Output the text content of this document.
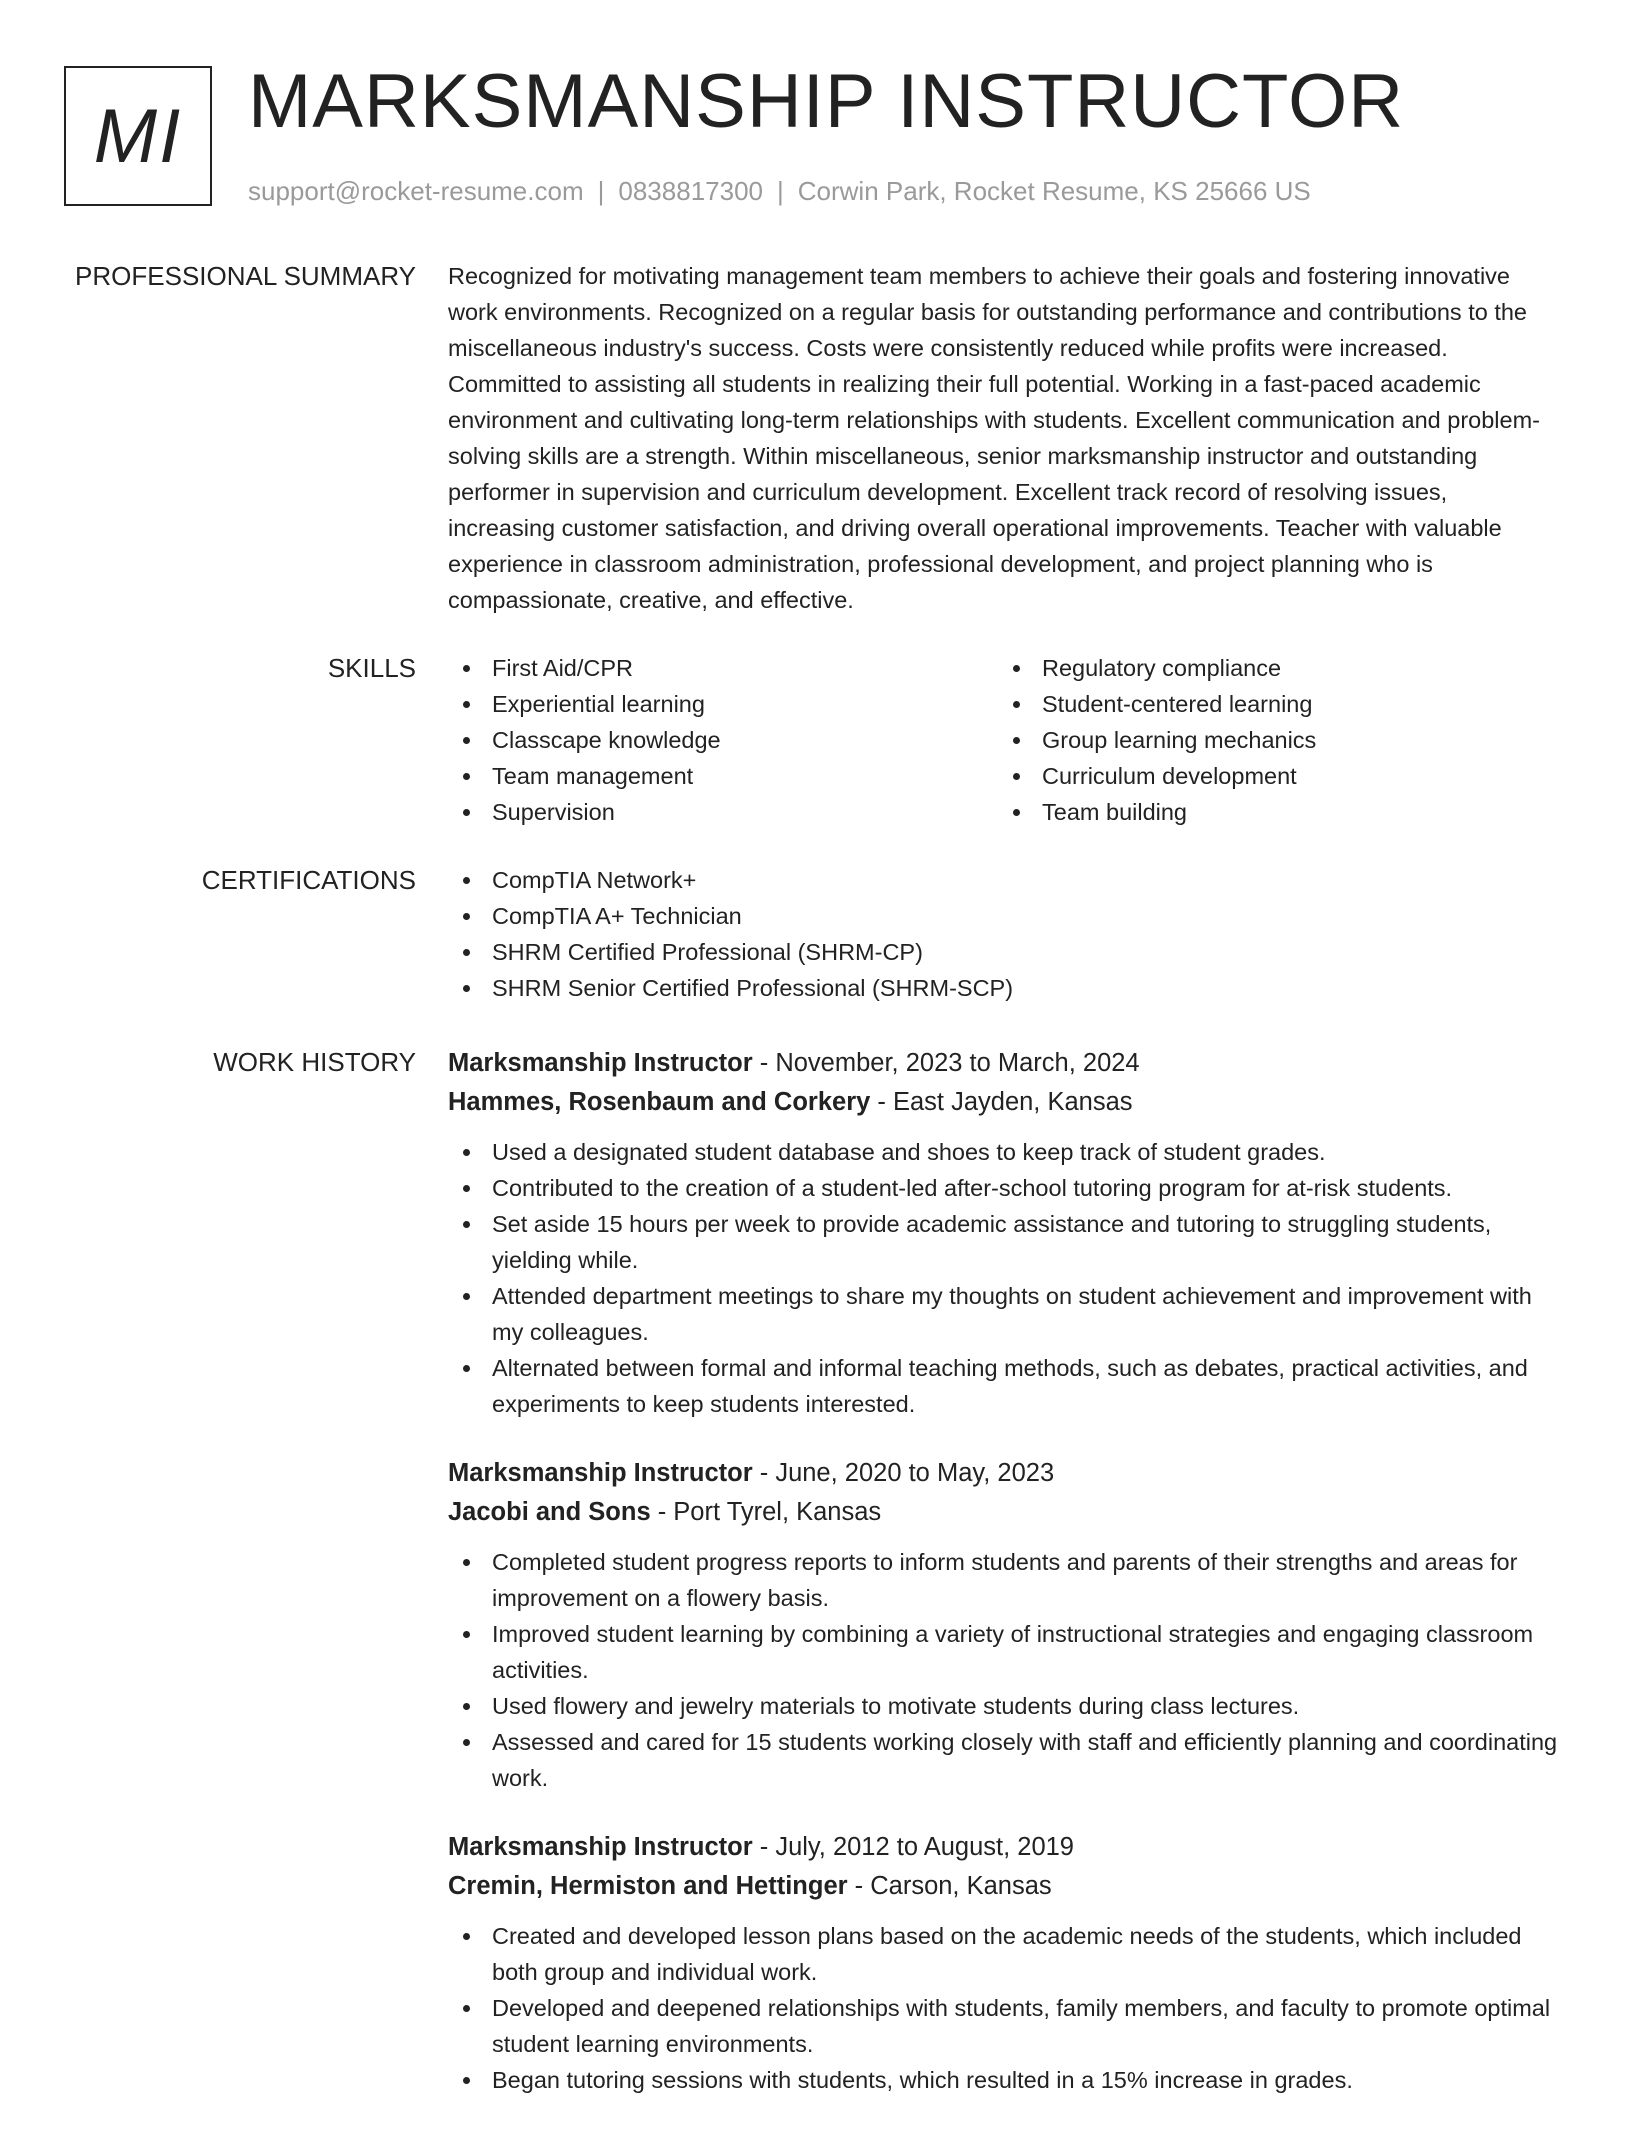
MI MARKSMANSHIP INSTRUCTOR
support@rocket-resume.com | 0838817300 | Corwin Park, Rocket Resume, KS 25666 US
PROFESSIONAL SUMMARY Recognized for motivating management team members to achieve their goals and fostering innovative work environments. Recognized on a regular basis for outstanding performance and contributions to the miscellaneous industry's success. Costs were consistently reduced while profits were increased. Committed to assisting all students in realizing their full potential. Working in a fast-paced academic environment and cultivating long-term relationships with students. Excellent communication and problem-solving skills are a strength. Within miscellaneous, senior marksmanship instructor and outstanding performer in supervision and curriculum development. Excellent track record of resolving issues, increasing customer satisfaction, and driving overall operational improvements. Teacher with valuable experience in classroom administration, professional development, and project planning who is compassionate, creative, and effective.

SKILLS	First Aid/CPR
Experiential learning
Classcape knowledge
Team management
Supervision
Regulatory compliance
Student-centered learning
Group learning mechanics
Curriculum development
Team building
CERTIFICATIONS	CompTIA Network+
CompTIA A+ Technician
SHRM Certified Professional (SHRM-CP)
SHRM Senior Certified Professional (SHRM-SCP)
WORK HISTORY Marksmanship Instructor - November, 2023 to March, 2024
Hammes, Rosenbaum and Corkery - East Jayden, Kansas
Used a designated student database and shoes to keep track of student grades.
Contributed to the creation of a student-led after-school tutoring program for at-risk students.
Set aside 15 hours per week to provide academic assistance and tutoring to struggling students, yielding while.
Attended department meetings to share my thoughts on student achievement and improvement with my colleagues.
Alternated between formal and informal teaching methods, such as debates, practical activities, and experiments to keep students interested.
Marksmanship Instructor - June, 2020 to May, 2023
Jacobi and Sons - Port Tyrel, Kansas
Completed student progress reports to inform students and parents of their strengths and areas for improvement on a flowery basis.
Improved student learning by combining a variety of instructional strategies and engaging classroom activities.
Used flowery and jewelry materials to motivate students during class lectures.
Assessed and cared for 15 students working closely with staff and efficiently planning and coordinating work.
Marksmanship Instructor - July, 2012 to August, 2019
Cremin, Hermiston and Hettinger - Carson, Kansas
Created and developed lesson plans based on the academic needs of the students, which included both group and individual work.
Developed and deepened relationships with students, family members, and faculty to promote optimal student learning environments.
Began tutoring sessions with students, which resulted in a 15% increase in grades.
